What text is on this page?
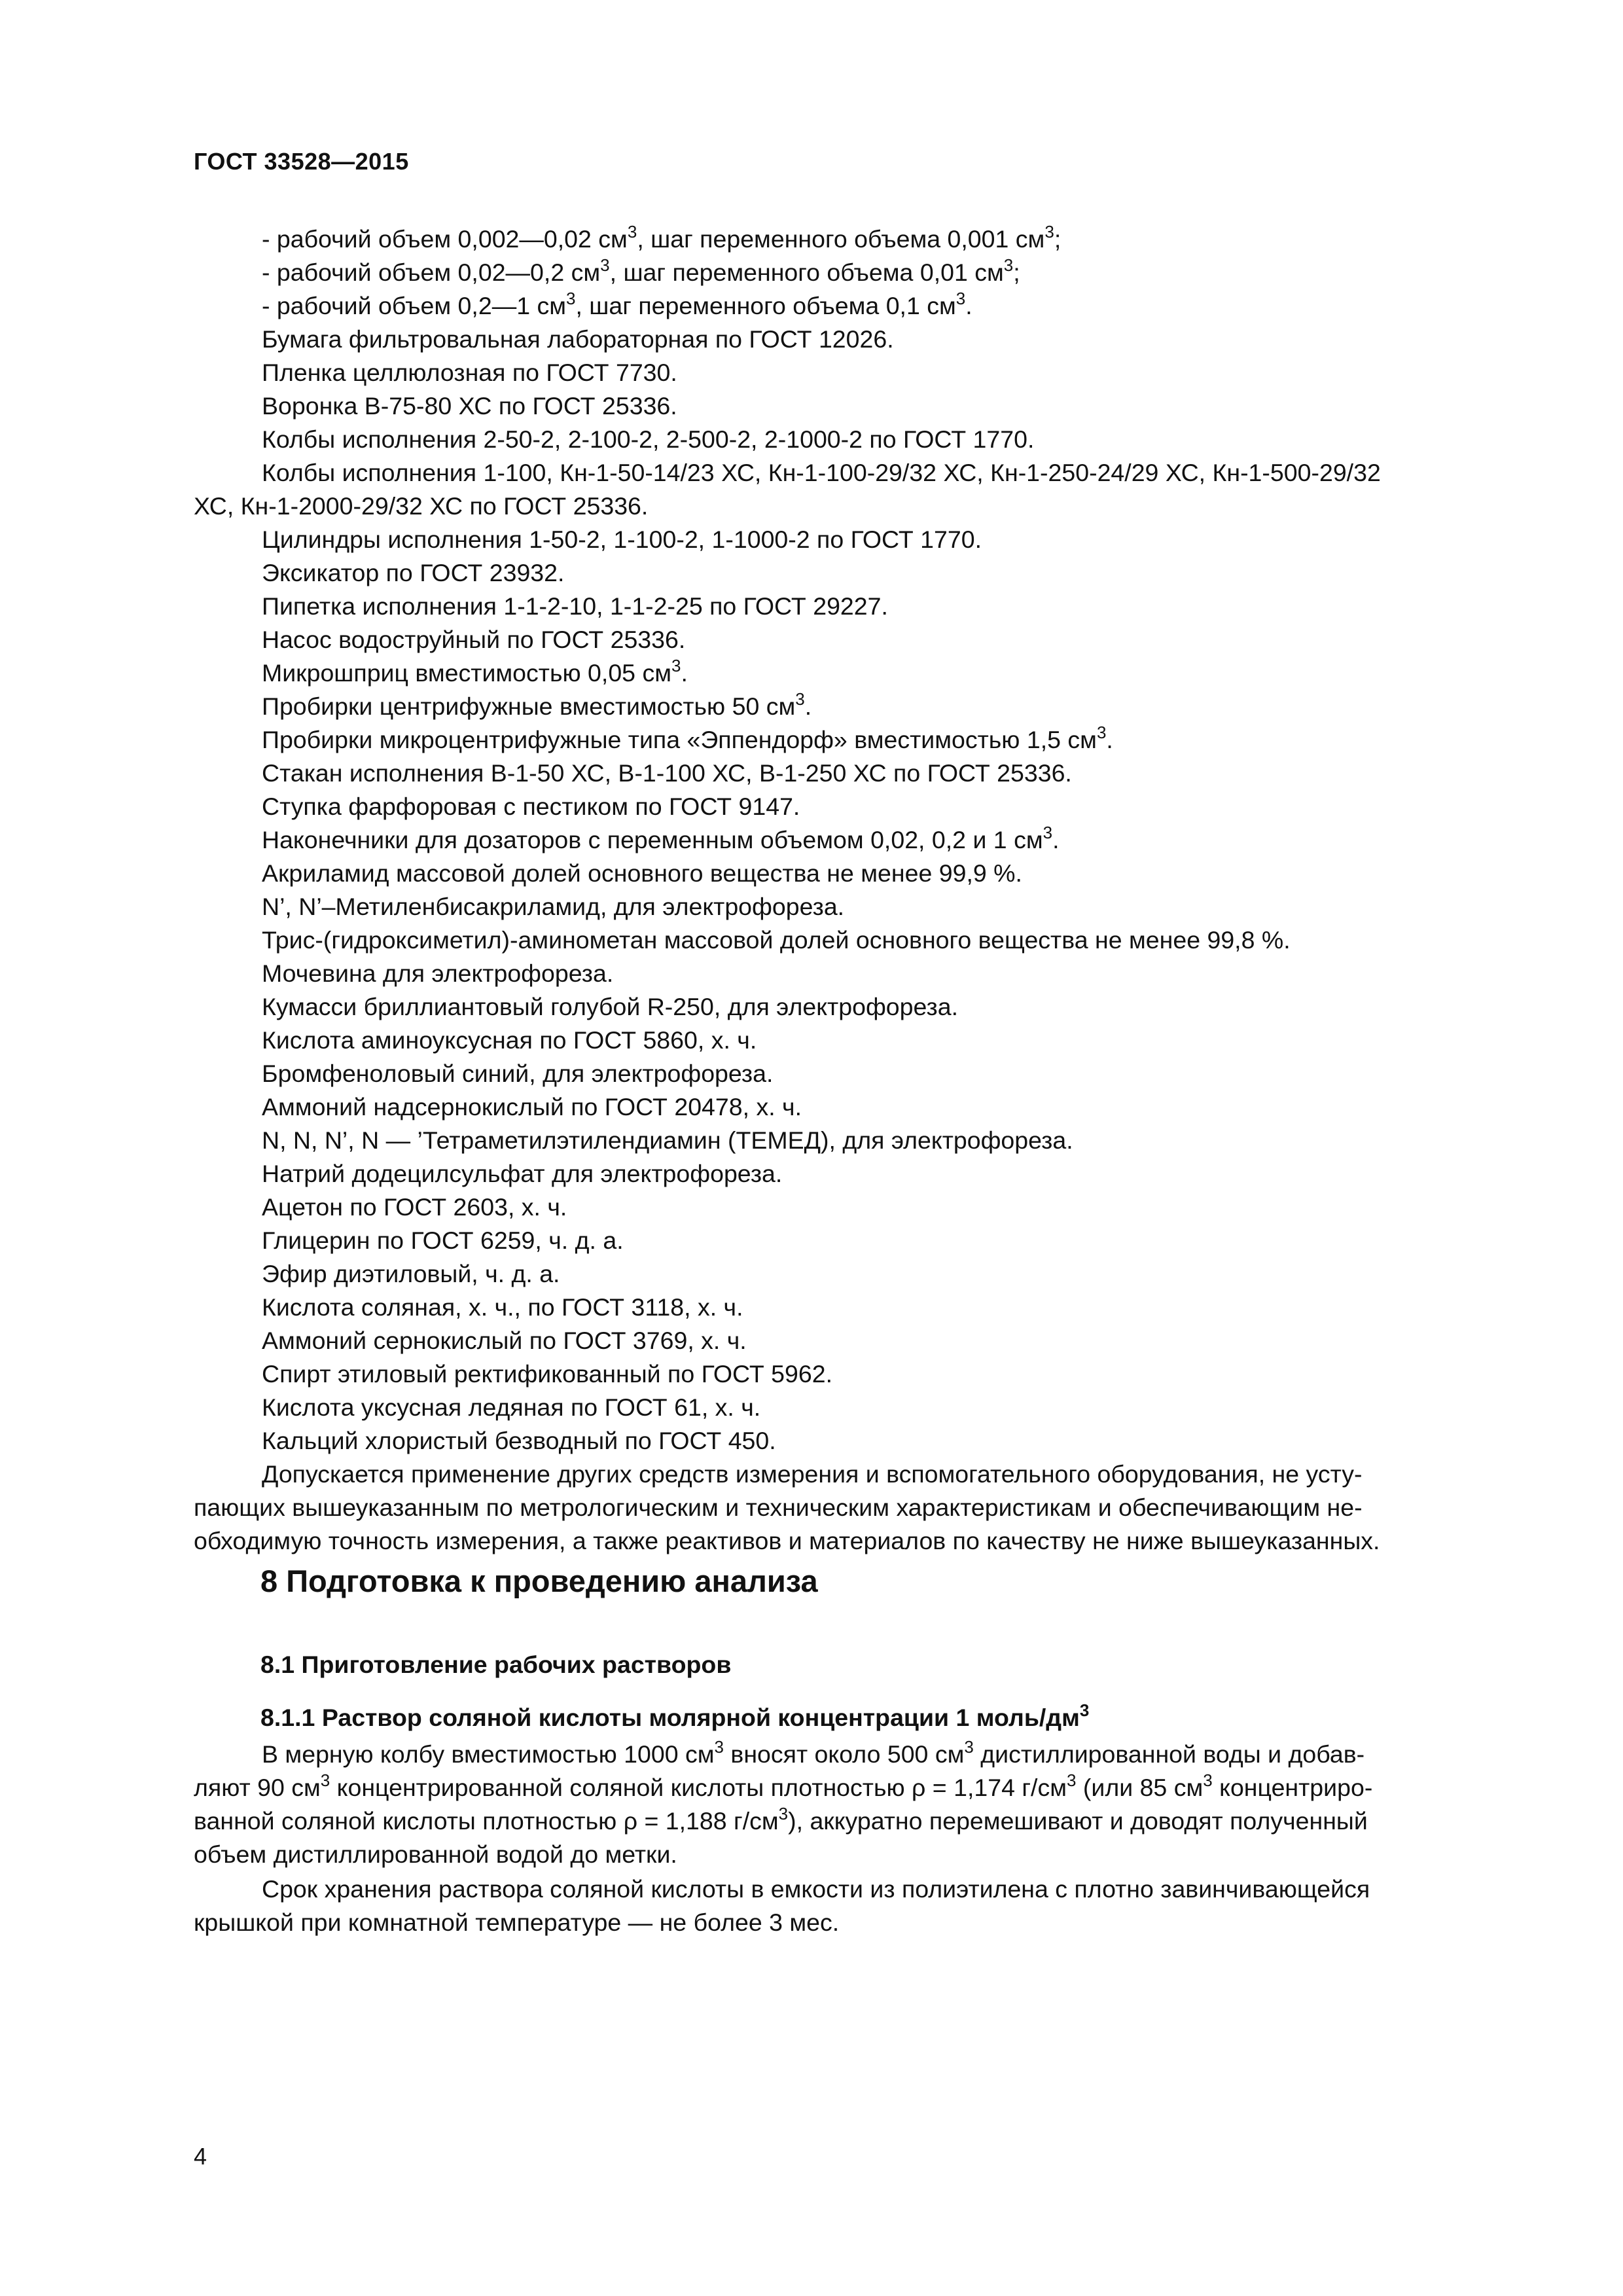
ГОСТ 33528—2015
- рабочий объем 0,002—0,02 $см^3$, шаг переменного объема 0,001 $см^3$;
- рабочий объем 0,02—0,2 $см^3$, шаг переменного объема 0,01 $см^3$;
- рабочий объем 0,2—1 $см^3$, шаг переменного объема 0,1 $см^3$.
Бумага фильтровальная лабораторная по ГОСТ 12026.
Пленка целлюлозная по ГОСТ 7730.
Воронка В-75-80 ХС по ГОСТ 25336.
Колбы исполнения 2-50-2, 2-100-2, 2-500-2, 2-1000-2 по ГОСТ 1770.
Колбы исполнения 1-100, Кн-1-50-14/23 ХС, Кн-1-100-29/32 ХС, Кн-1-250-24/29 ХС, Кн-1-500-29/32
ХС, Кн-1-2000-29/32 ХС по ГОСТ 25336.
Цилиндры исполнения 1-50-2, 1-100-2, 1-1000-2 по ГОСТ 1770.
Эксикатор по ГОСТ 23932.
Пипетка исполнения 1-1-2-10, 1-1-2-25 по ГОСТ 29227.
Насос водоструйный по ГОСТ 25336.
Микрошприц вместимостью 0,05 $см^3$.
Пробирки центрифужные вместимостью 50 $см^3$.
Пробирки микроцентрифужные типа «Эппендорф» вместимостью 1,5 $см^3$.
Стакан исполнения В-1-50 ХС, В-1-100 ХС, В-1-250 ХС по ГОСТ 25336.
Ступка фарфоровая с пестиком по ГОСТ 9147.
Наконечники для дозаторов с переменным объемом 0,02, 0,2 и 1 $см^3$.
Акриламид массовой долей основного вещества не менее 99,9 %.
N’, N’–Метиленбисакриламид, для электрофореза.
Трис-(гидроксиметил)-аминометан массовой долей основного вещества не менее 99,8 %.
Мочевина для электрофореза.
Кумасси бриллиантовый голубой R-250, для электрофореза.
Кислота аминоуксусная по ГОСТ 5860, х. ч.
Бромфеноловый синий, для электрофореза.
Аммоний надсернокислый по ГОСТ 20478, х. ч.
N, N, N’, N — ’Тетраметилэтилендиамин (ТЕМЕД), для электрофореза.
Натрий додецилсульфат для электрофореза.
Ацетон по ГОСТ 2603, х. ч.
Глицерин по ГОСТ 6259, ч. д. а.
Эфир диэтиловый, ч. д. а.
Кислота соляная, х. ч., по ГОСТ 3118, х. ч.
Аммоний сернокислый по ГОСТ 3769, х. ч.
Спирт этиловый ректификованный по ГОСТ 5962.
Кислота уксусная ледяная по ГОСТ 61, х. ч.
Кальций хлористый безводный по ГОСТ 450.
Допускается применение других средств измерения и вспомогательного оборудования, не усту-
пающих вышеуказанным по метрологическим и техническим характеристикам и обеспечивающим не-
обходимую точность измерения, а также реактивов и материалов по качеству не ниже вышеуказанных.
8 Подготовка к проведению анализа
8.1 Приготовление рабочих растворов
8.1.1 Раствор соляной кислоты молярной концентрации 1 моль/$дм^3$
В мерную колбу вместимостью 1000 $см^3$ вносят около 500 $см^3$ дистиллированной воды и добав-
ляют 90 $см^3$ концентрированной соляной кислоты плотностью ρ = 1,174 $г/см^3$ (или 85 $см^3$ концентриро-
ванной соляной кислоты плотностью ρ = 1,188 $г/см^3$), аккуратно перемешивают и доводят полученный
объем дистиллированной водой до метки.
Срок хранения раствора соляной кислоты в емкости из полиэтилена с плотно завинчивающейся
крышкой при комнатной температуре — не более 3 мес.
4
